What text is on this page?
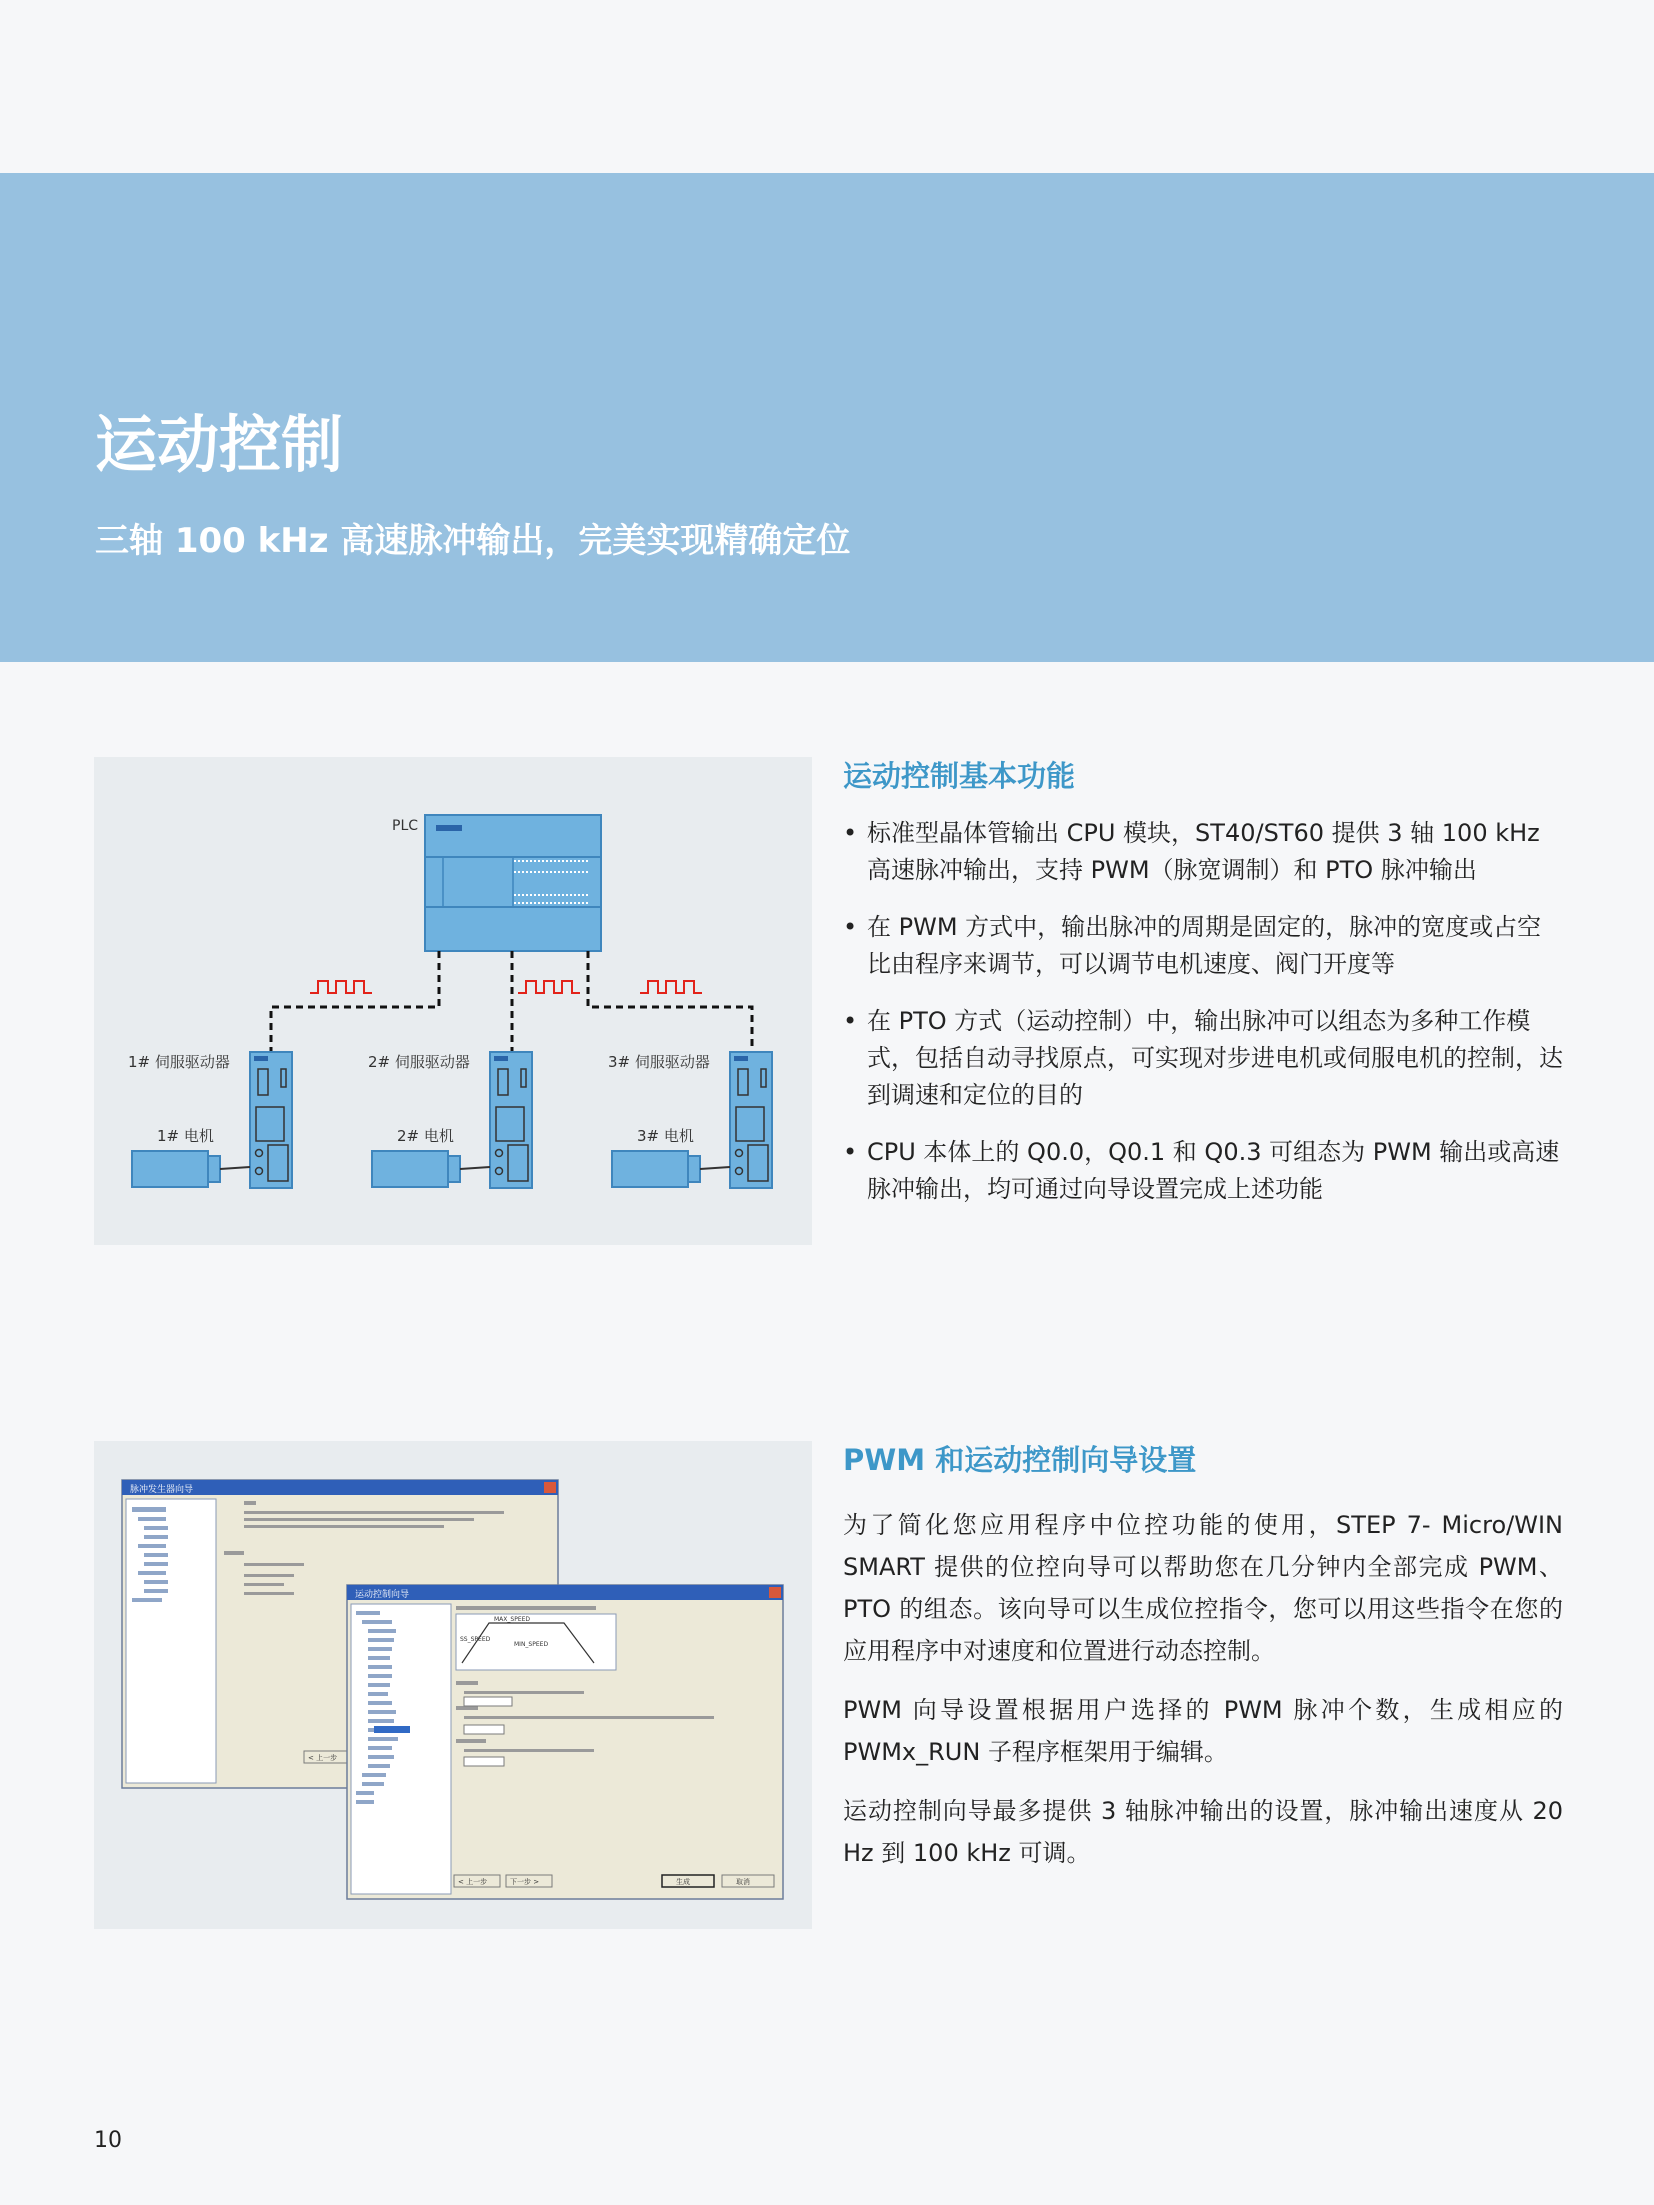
运动控制

三轴 100 kHz 高速脉冲输出，完美实现精确定位

PLC
1# 伺服驱动器
1# 电机
2# 伺服驱动器
2# 电机
3# 伺服驱动器
3# 电机
运动控制基本功能
• 标准型晶体管输出 CPU 模块，ST40/ST60 提供 3 轴 100 kHz 高速脉冲输出，支持 PWM（脉宽调制）和 PTO 脉冲输出
• 在 PWM 方式中，输出脉冲的周期是固定的，脉冲的宽度或占空比由程序来调节，可以调节电机速度、阀门开度等
• 在 PTO 方式（运动控制）中，输出脉冲可以组态为多种工作模式，包括自动寻找原点，可实现对步进电机或伺服电机的控制，达到调速和定位的目的
• CPU 本体上的 Q0.0，Q0.1 和 Q0.3 可组态为 PWM 输出或高速脉冲输出，均可通过向导设置完成上述功能
脉冲发生器向导
< 上一步
运动控制向导
MAX_SPEED
MIN_SPEED
SS_SPEED
< 上一步	下一步 >	生成	取消
PWM 和运动控制向导设置

为了简化您应用程序中位控功能的使用，STEP 7- Micro/WIN SMART 提供的位控向导可以帮助您在几分钟内全部完成 PWM、PTO 的组态。该向导可以生成位控指令，您可以用这些指令在您的应用程序中对速度和位置进行动态控制。

PWM 向导设置根据用户选择的 PWM 脉冲个数，生成相应的 PWMx_RUN 子程序框架用于编辑。

运动控制向导最多提供 3 轴脉冲输出的设置，脉冲输出速度从 20 Hz 到 100 kHz 可调。

10
